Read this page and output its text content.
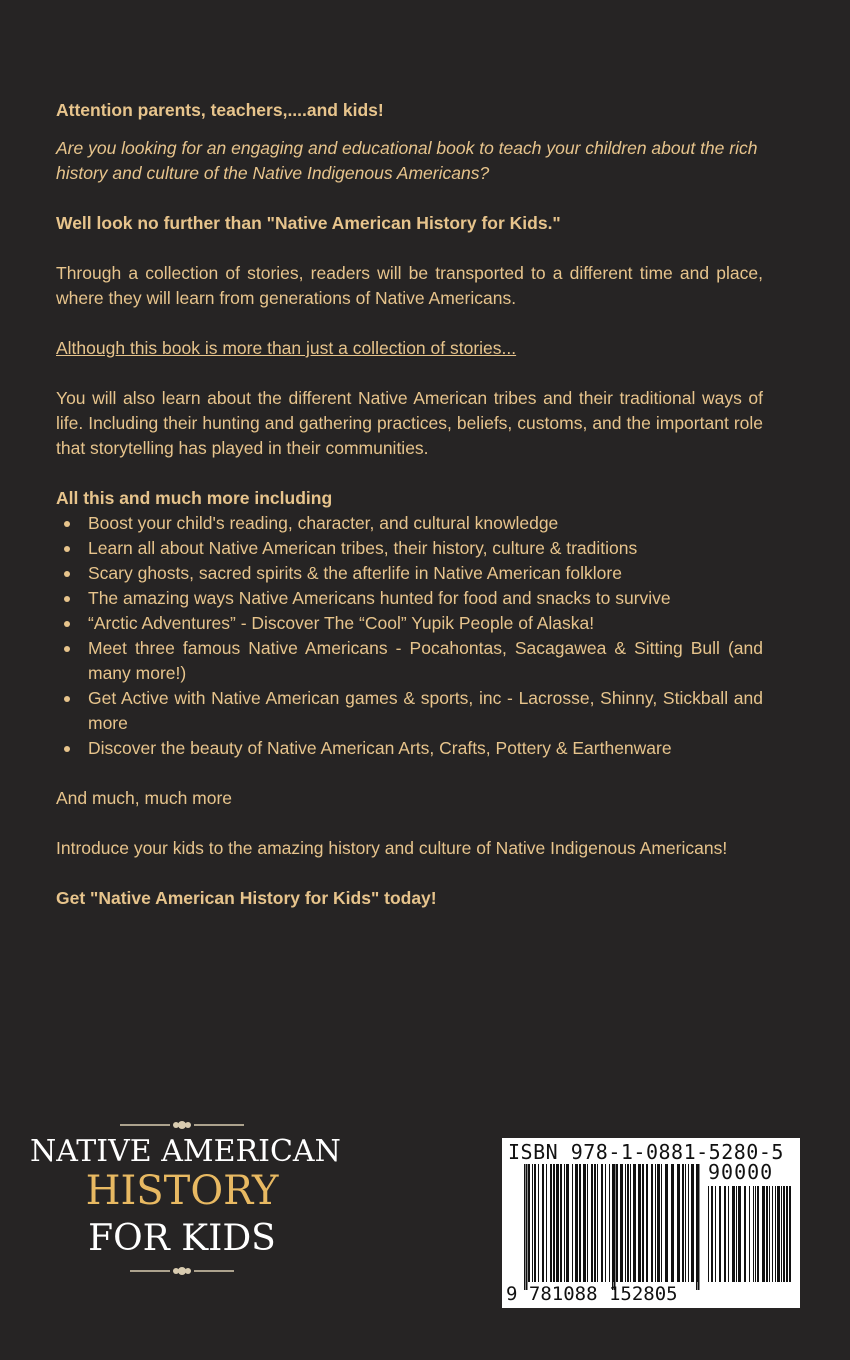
Attention parents, teachers,....and kids!

Are you looking for an engaging and educational book to teach your children about the rich history and culture of the Native Indigenous Americans?

Well look no further than "Native American History for Kids."

Through a collection of stories, readers will be transported to a different time and place, where they will learn from generations of Native Americans.

Although this book is more than just a collection of stories...

You will also learn about the different Native American tribes and their traditional ways of life. Including their hunting and gathering practices, beliefs, customs, and the important role that storytelling has played in their communities.

All this and much more including

Boost your child's reading, character, and cultural knowledge
Learn all about Native American tribes, their history, culture & traditions
Scary ghosts, sacred spirits & the afterlife in Native American folklore
The amazing ways Native Americans hunted for food and snacks to survive
“Arctic Adventures” - Discover The “Cool” Yupik People of Alaska!
Meet three famous Native Americans - Pocahontas, Sacagawea & Sitting Bull (and many more!)
Get Active with Native American games & sports, inc - Lacrosse, Shinny, Stickball and more
Discover the beauty of Native American Arts, Crafts, Pottery & Earthenware

And much, much more

Introduce your kids to the amazing history and culture of Native Indigenous Americans!

Get "Native American History for Kids" today!

NATIVE AMERICAN
HISTORY
FOR KIDS
ISBN 978-1-0881-5280-5
90000
9 781088 152805
